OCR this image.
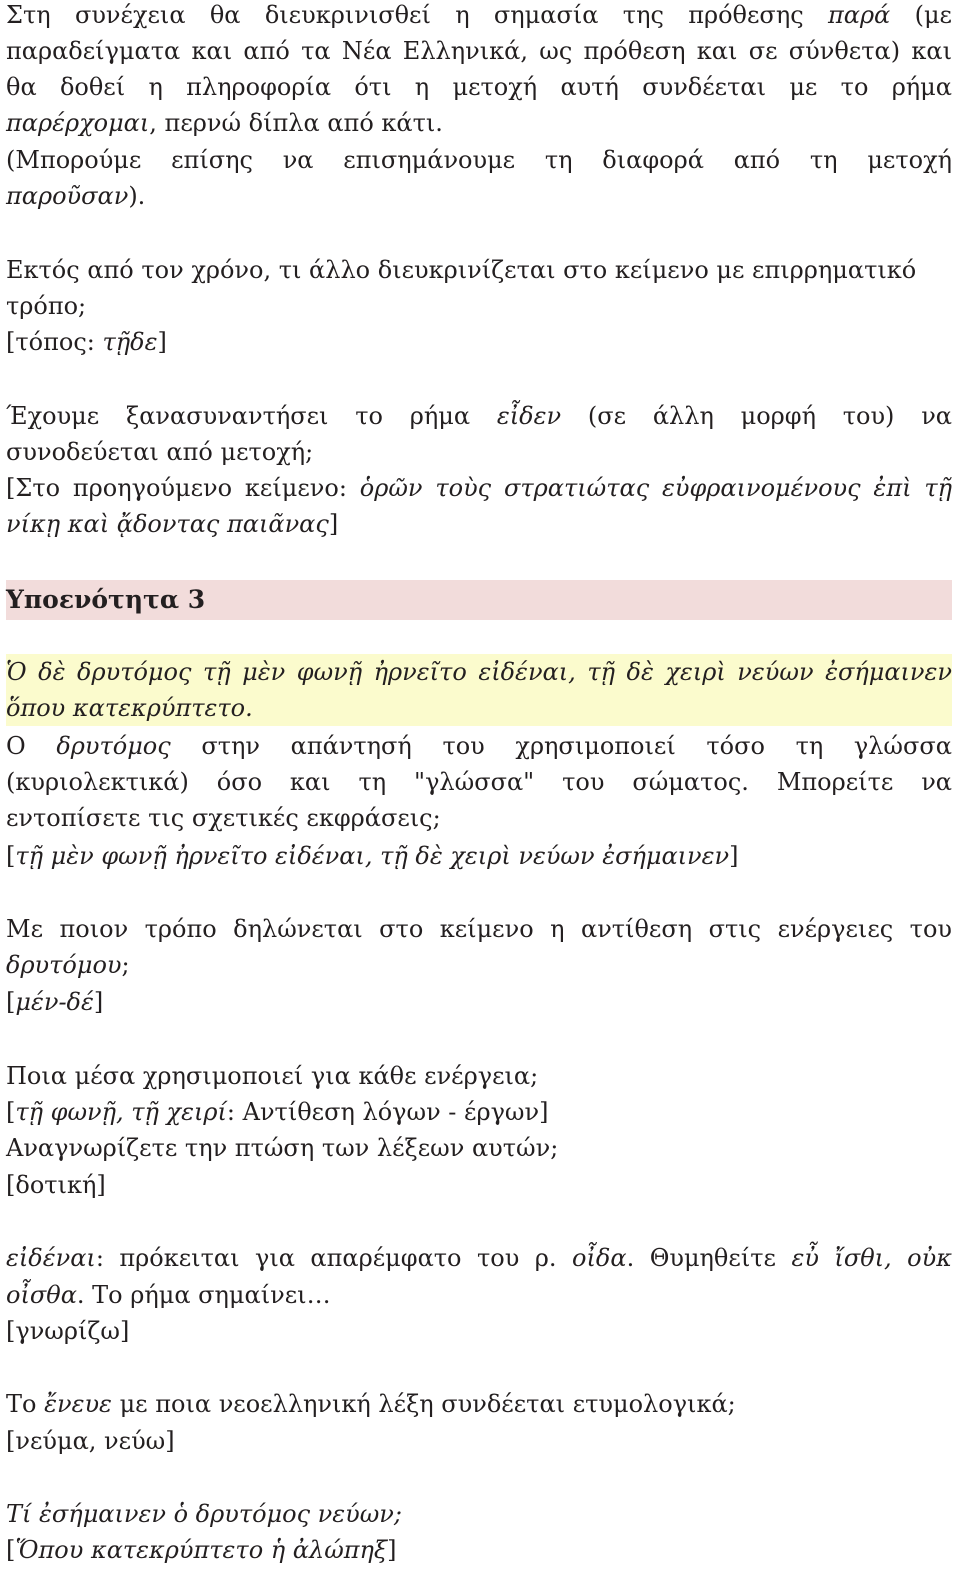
Στη συνέχεια θα διευκρινισθεί η σημασία της πρόθεσης παρά (με
παραδείγματα και από τα Νέα Ελληνικά, ως πρόθεση και σε σύνθετα) και
θα δοθεί η πληροφορία ότι η μετοχή αυτή συνδέεται με το ρήμα
παρέρχομαι, περνώ δίπλα από κάτι.
(Μπορούμε επίσης να επισημάνουμε τη διαφορά από τη μετοχή
παροῦσαν).
Εκτός από τον χρόνο, τι άλλο διευκρινίζεται στο κείμενο με επιρρηματικό
τρόπο;
[τόπος: τῇδε]
Έχουμε ξανασυναντήσει το ρήμα εἶδεν (σε άλλη μορφή του) να
συνοδεύεται από μετοχή;
[Στο προηγούμενο κείμενο: ὁρῶν τοὺς στρατιώτας εὐφραινομένους ἐπὶ τῇ
νίκῃ καὶ ᾄδοντας παιᾶνας]
Υποενότητα 3
Ὁ δὲ δρυτόμος τῇ μὲν φωνῇ ἠρνεῖτο εἰδέναι, τῇ δὲ χειρὶ νεύων ἐσήμαινεν
ὅπου κατεκρύπτετο.
Ο δρυτόμος στην απάντησή του χρησιμοποιεί τόσο τη γλώσσα
(κυριολεκτικά) όσο και τη "γλώσσα" του σώματος. Μπορείτε να
εντοπίσετε τις σχετικές εκφράσεις;
[τῇ μὲν φωνῇ ἠρνεῖτο εἰδέναι, τῇ δὲ χειρὶ νεύων ἐσήμαινεν]
Με ποιον τρόπο δηλώνεται στο κείμενο η αντίθεση στις ενέργειες του
δρυτόμου;
[μέν-δέ]
Ποια μέσα χρησιμοποιεί για κάθε ενέργεια;
[τῇ φωνῇ, τῇ χειρί: Αντίθεση λόγων - έργων]
Αναγνωρίζετε την πτώση των λέξεων αυτών;
[δοτική]
εἰδέναι: πρόκειται για απαρέμφατο του ρ. οἶδα. Θυμηθείτε εὖ ἴσθι, οὐκ
οἶσθα. Το ρήμα σημαίνει…
[γνωρίζω]
Το ἔνευε με ποια νεοελληνική λέξη συνδέεται ετυμολογικά;
[νεύμα, νεύω]
Τί ἐσήμαινεν ὁ δρυτόμος νεύων;
[Ὅπου κατεκρύπτετο ἡ ἀλώπηξ]
